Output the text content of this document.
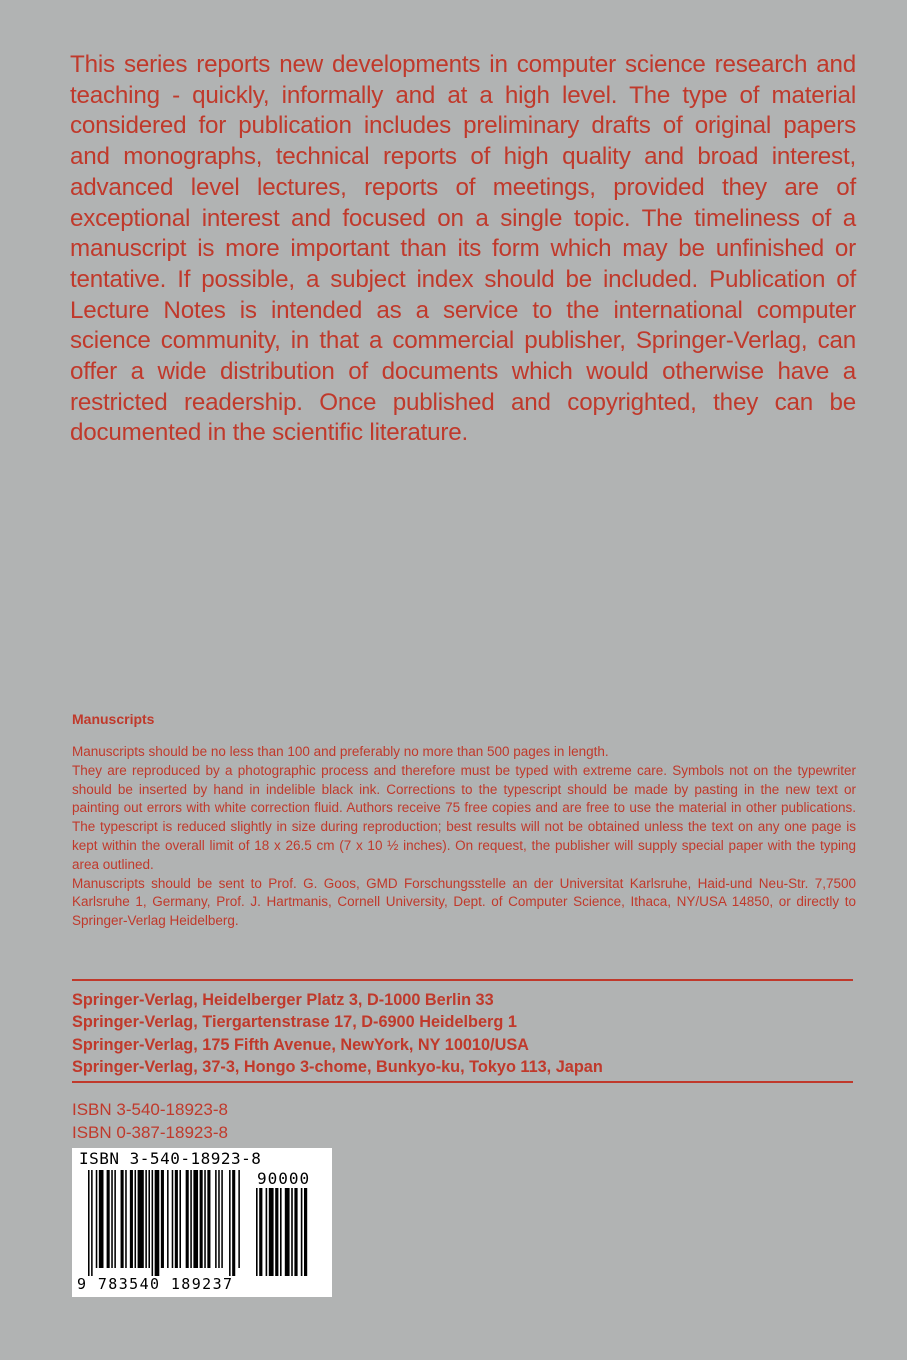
This series reports new developments in computer science research and teaching - quickly, informally and at a high level. The type of material considered for publication includes preliminary drafts of original papers and monographs, technical reports of high quality and broad interest, advanced level lectures, reports of meetings, provided they are of exceptional interest and focused on a single topic. The timeliness of a manuscript is more important than its form which may be unfinished or tentative. If possible, a subject index should be included. Publication of Lecture Notes is intended as a service to the international computer science community, in that a commercial publisher, Springer-Verlag, can offer a wide distribution of documents which would otherwise have a restricted readership. Once published and copyrighted, they can be documented in the scientific literature.

Manuscripts

Manuscripts should be no less than 100 and preferably no more than 500 pages in length.

They are reproduced by a photographic process and therefore must be typed with extreme care. Symbols not on the typewriter should be inserted by hand in indelible black ink. Corrections to the typescript should be made by pasting in the new text or painting out errors with white correction fluid. Authors receive 75 free copies and are free to use the material in other publications. The typescript is reduced slightly in size during reproduction; best results will not be obtained unless the text on any one page is kept within the overall limit of 18 x 26.5 cm (7 x 10 ½ inches). On request, the publisher will supply special paper with the typing area outlined.

Manuscripts should be sent to Prof. G. Goos, GMD Forschungsstelle an der Universitat Karlsruhe, Haid-und Neu-Str. 7,7500 Karlsruhe 1, Germany, Prof. J. Hartmanis, Cornell University, Dept. of Computer Science, Ithaca, NY/USA 14850, or directly to Springer-Verlag Heidelberg.

Springer-Verlag, Heidelberger Platz 3, D-1000 Berlin 33
Springer-Verlag, Tiergartenstrase 17, D-6900 Heidelberg 1
Springer-Verlag, 175 Fifth Avenue, NewYork, NY 10010/USA
Springer-Verlag, 37-3, Hongo 3-chome, Bunkyo-ku, Tokyo 113, Japan
ISBN 3-540-18923-8
ISBN 0-387-18923-8
ISBN 3-540-18923-8
90000
9 783540 189237
